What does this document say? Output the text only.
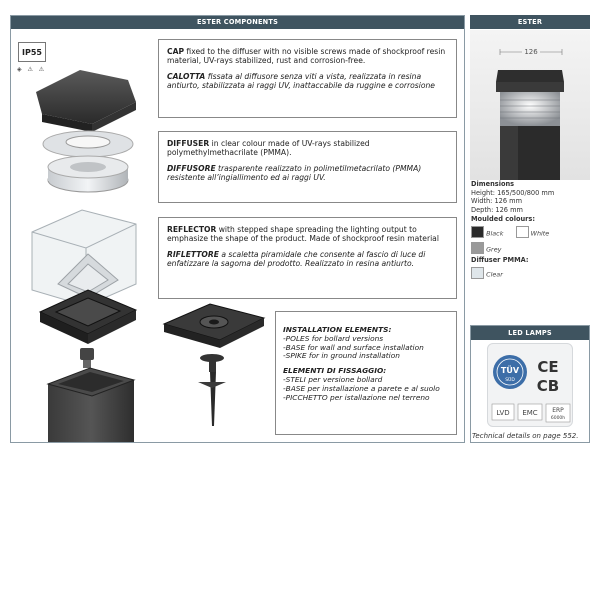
ESTER COMPONENTS	ESTER
IP55
◈ ⚠ ⚠
CAP fixed to the diffuser with no visible screws made of shockproof resin material, UV-rays stabilized, rust and corrosion-free.
CALOTTA fissata al diffusore senza viti a vista, realizzata in resina antiurto, stabilizzata ai raggi UV, inattaccabile da ruggine e corrosione
DIFFUSER in clear colour made of UV-rays stabilized polymethylmethacrilate (PMMA).
DIFFUSORE trasparente realizzato in polimetilmetacrilato (PMMA) resistente all’ingiallimento ed ai raggi UV.
REFLECTOR with stepped shape spreading the lighting output to emphasize the shape of the product. Made of shockproof resin material
RIFLETTORE a scaletta piramidale che consente al fascio di luce di enfatizzare la sagoma del prodotto. Realizzato in resina antiurto.
INSTALLATION ELEMENTS:
-POLES for bollard versions
-BASE for wall and surface installation
-SPIKE for in ground installation
ELEMENTI DI FISSAGGIO:
-STELI per versione bollard
-BASE per installazione a parete e al suolo
-PICCHETTO per istallazione nel terreno
126
Dimensions
Height: 165/500/800 mm
Width: 126 mm
Depth: 126 mm
Moulded colours:
Black	White
Grey
Diffuser PMMA:
Clear
LED LAMPS
TÜV
SÜD
CE
CB
LVD EMC ERP
6000h
Technical details on page 552.
